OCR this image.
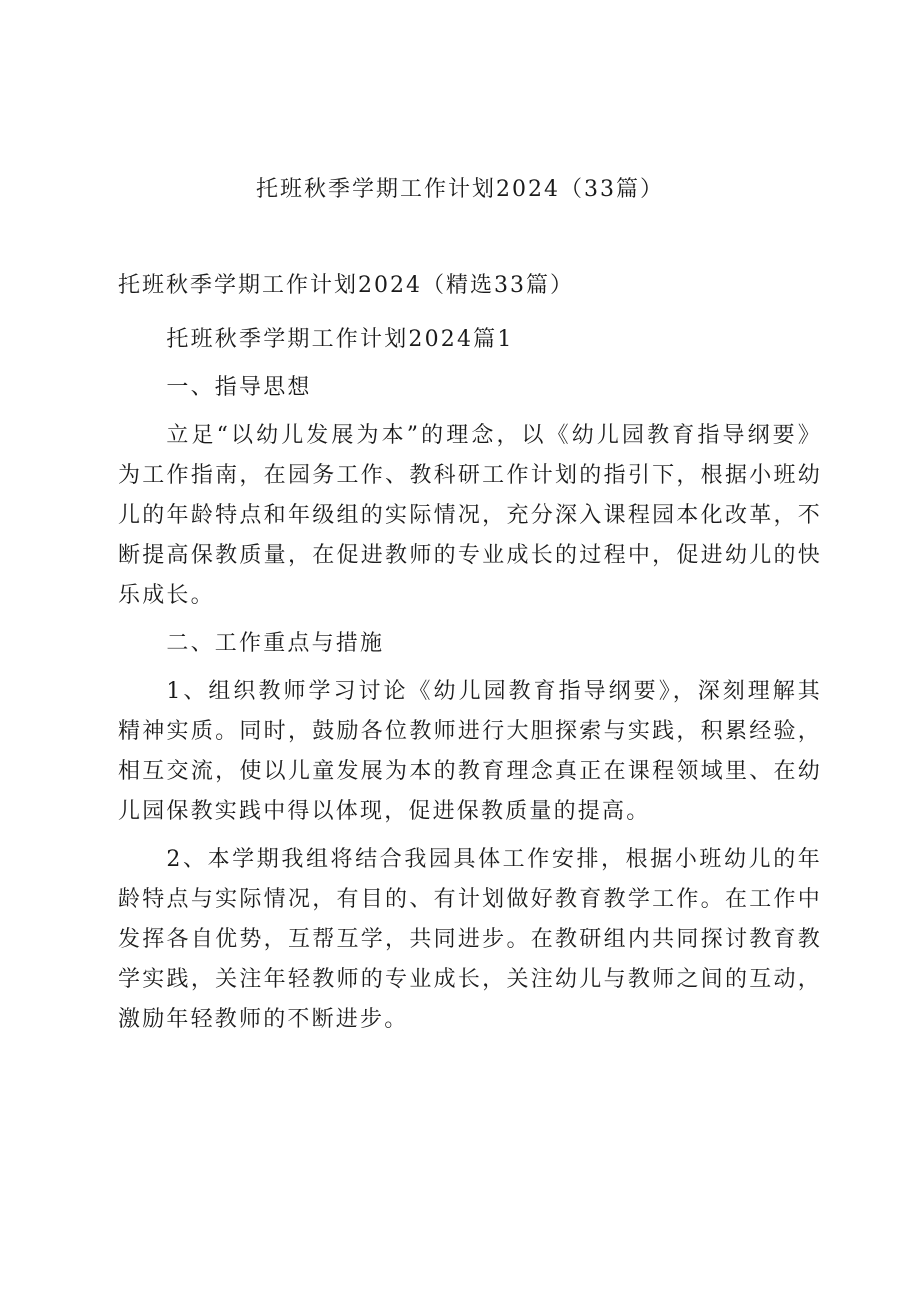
托班秋季学期工作计划2024（33篇）
托班秋季学期工作计划2024（精选33篇）

托班秋季学期工作计划2024篇1

一、指导思想

立足“以幼儿发展为本”的理念，以《幼儿园教育指导纲要》为工作指南，在园务工作、教科研工作计划的指引下，根据小班幼儿的年龄特点和年级组的实际情况，充分深入课程园本化改革，不断提高保教质量，在促进教师的专业成长的过程中，促进幼儿的快乐成长。

二、工作重点与措施

1、组织教师学习讨论《幼儿园教育指导纲要》，深刻理解其精神实质。同时，鼓励各位教师进行大胆探索与实践，积累经验，相互交流，使以儿童发展为本的教育理念真正在课程领域里、在幼儿园保教实践中得以体现，促进保教质量的提高。

2、本学期我组将结合我园具体工作安排，根据小班幼儿的年龄特点与实际情况，有目的、有计划做好教育教学工作。在工作中发挥各自优势，互帮互学，共同进步。在教研组内共同探讨教育教学实践，关注年轻教师的专业成长，关注幼儿与教师之间的互动，激励年轻教师的不断进步。
